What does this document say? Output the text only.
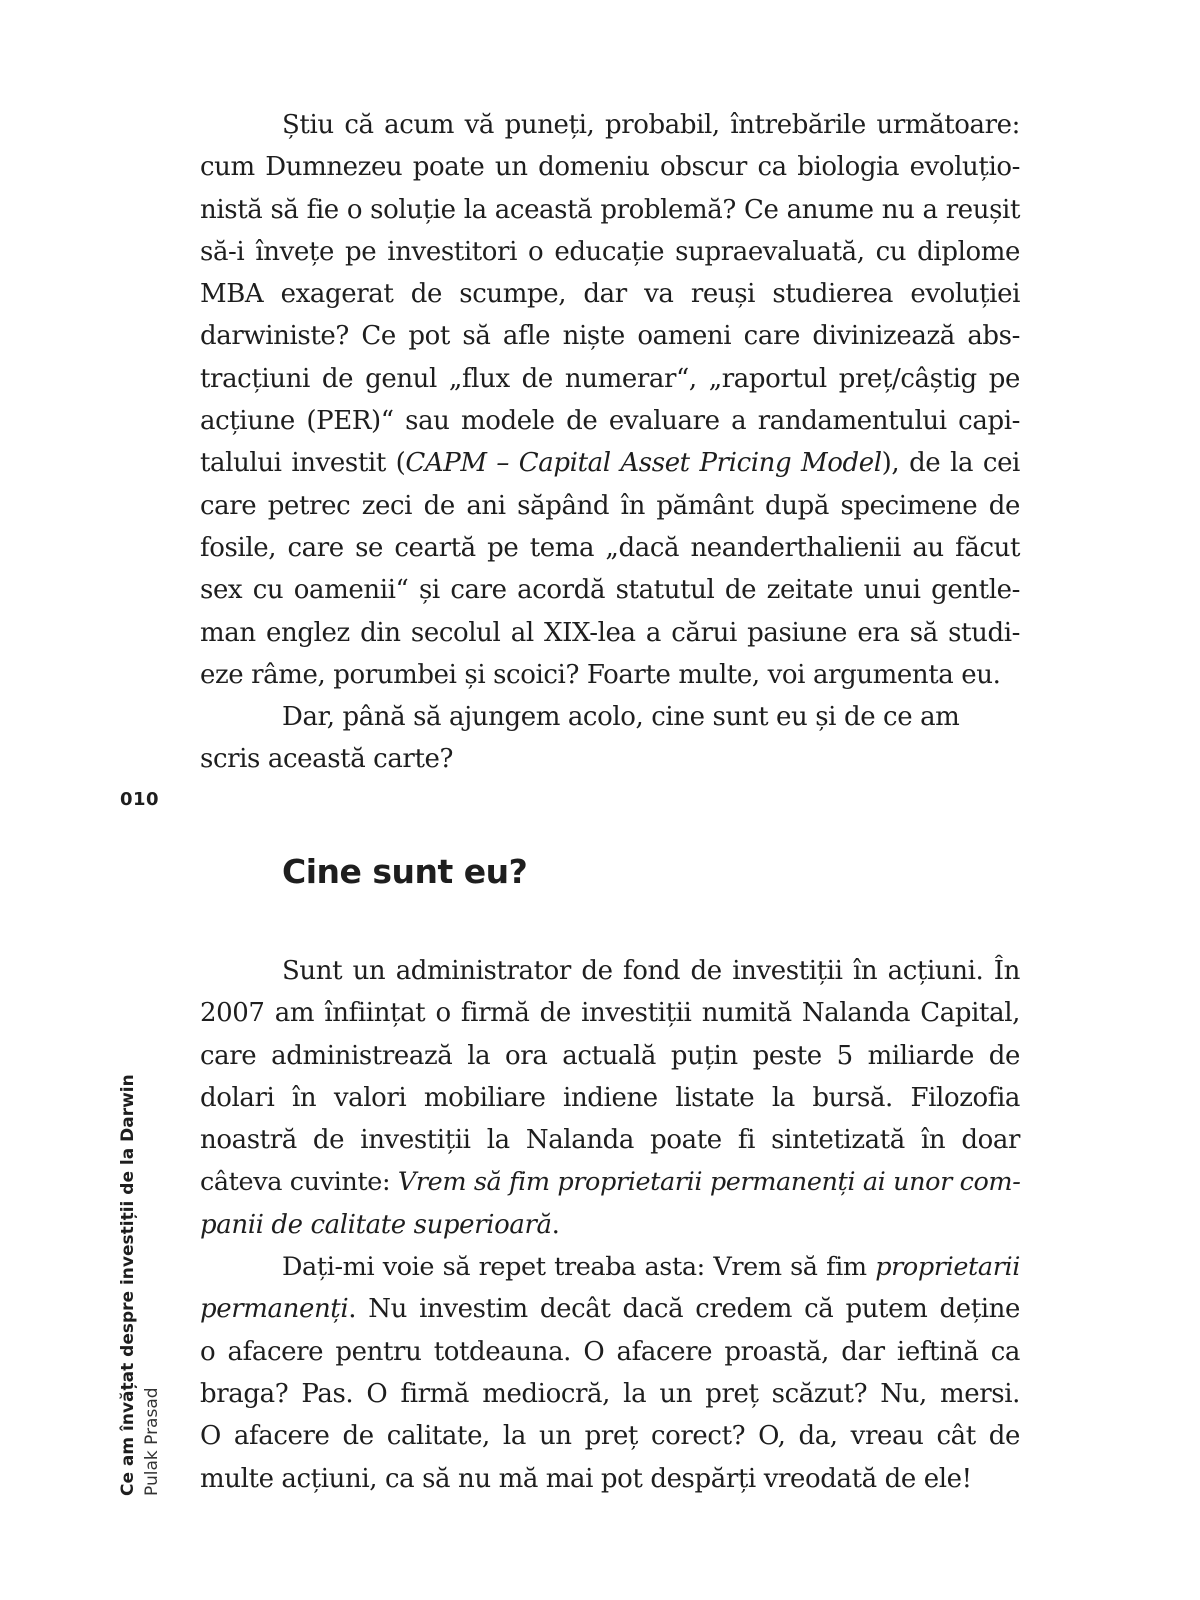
Știu că acum vă puneți, probabil, întrebările următoare:
cum Dumnezeu poate un domeniu obscur ca biologia evoluțio-
nistă să fie o soluție la această problemă? Ce anume nu a reușit
să-i învețe pe investitori o educație supraevaluată, cu diplome
MBA exagerat de scumpe, dar va reuși studierea evoluției
darwiniste? Ce pot să afle niște oameni care divinizează abs-
tracțiuni de genul „flux de numerar“, „raportul preț/câștig pe
acțiune (PER)“ sau modele de evaluare a randamentului capi-
talului investit (CAPM – Capital Asset Pricing Model), de la cei
care petrec zeci de ani săpând în pământ după specimene de
fosile, care se ceartă pe tema „dacă neanderthalienii au făcut
sex cu oamenii“ și care acordă statutul de zeitate unui gentle-
man englez din secolul al XIX-lea a cărui pasiune era să studi-
eze râme, porumbei și scoici? Foarte multe, voi argumenta eu.
Dar, până să ajungem acolo, cine sunt eu și de ce am
scris această carte?
010
Cine sunt eu?
Sunt un administrator de fond de investiții în acțiuni. În
2007 am înființat o firmă de investiții numită Nalanda Capital,
care administrează la ora actuală puțin peste 5 miliarde de
dolari în valori mobiliare indiene listate la bursă. Filozofia
noastră de investiții la Nalanda poate fi sintetizată în doar
câteva cuvinte: Vrem să fim proprietarii permanenți ai unor com-
panii de calitate superioară.
Dați-mi voie să repet treaba asta: Vrem să fim proprietarii
permanenți. Nu investim decât dacă credem că putem deține
o afacere pentru totdeauna. O afacere proastă, dar ieftină ca
braga? Pas. O firmă mediocră, la un preț scăzut? Nu, mersi.
O afacere de calitate, la un preț corect? O, da, vreau cât de
multe acțiuni, ca să nu mă mai pot despărți vreodată de ele!
Ce am învățat despre investiții de la Darwin Pulak Prasad
